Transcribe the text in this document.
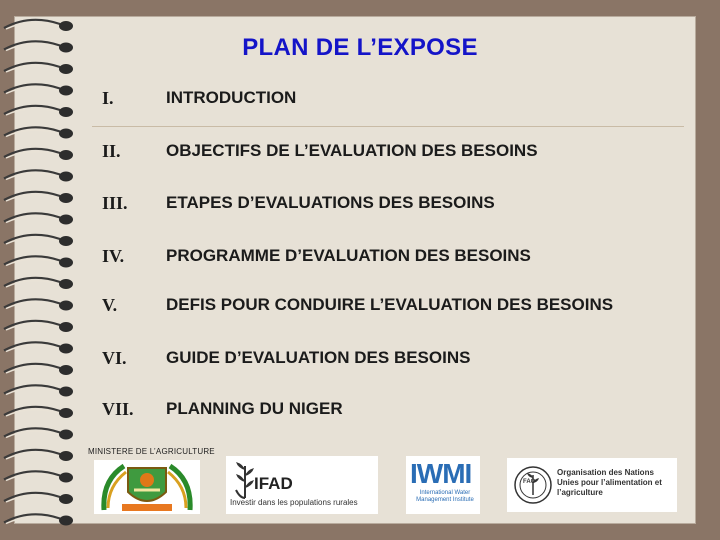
PLAN DE L’EXPOSE
I.	INTRODUCTION
II.	OBJECTIFS DE L’EVALUATION DES BESOINS
III. ETAPES D’EVALUATIONS DES BESOINS
IV. PROGRAMME D’EVALUATION DES BESOINS
V.	DEFIS POUR CONDUIRE L’EVALUATION DES BESOINS
VI. GUIDE D’EVALUATION DES BESOINS
VII. PLANNING DU NIGER
MINISTERE DE L’AGRICULTURE
IFAD
Investir dans les populations rurales
IWMI
International Water Management Institute
FAO
Organisation des Nations Unies pour l’alimentation et l’agriculture
